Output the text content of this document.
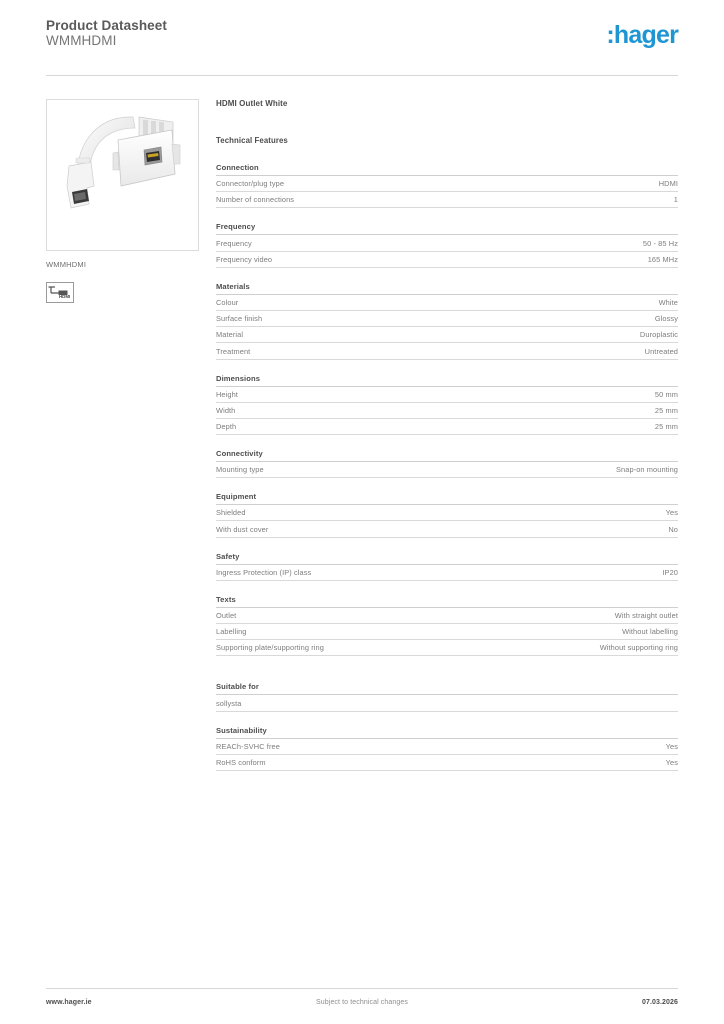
Product Datasheet
WMMHDMI	:hager
WMMHDMI
HDMI
HDMI Outlet White
Technical Features
Connection
Connector/plug type	HDMI
Number of connections	1
Frequency
Frequency	50 - 85 Hz
Frequency video	165 MHz
Materials
Colour	White
Surface finish	Glossy
Material	Duroplastic
Treatment	Untreated
Dimensions
Height	50 mm
Width	25 mm
Depth	25 mm
Connectivity
Mounting type	Snap-on mounting
Equipment
Shielded	Yes
With dust cover	No
Safety
Ingress Protection (IP) class	IP20
Texts
Outlet	With straight outlet
Labelling	Without labelling
Supporting plate/supporting ring	Without supporting ring
Suitable for
sollysta
Sustainability
REACh-SVHC free	Yes
RoHS conform	Yes
www.hager.ie	Subject to technical changes	07.03.2026
